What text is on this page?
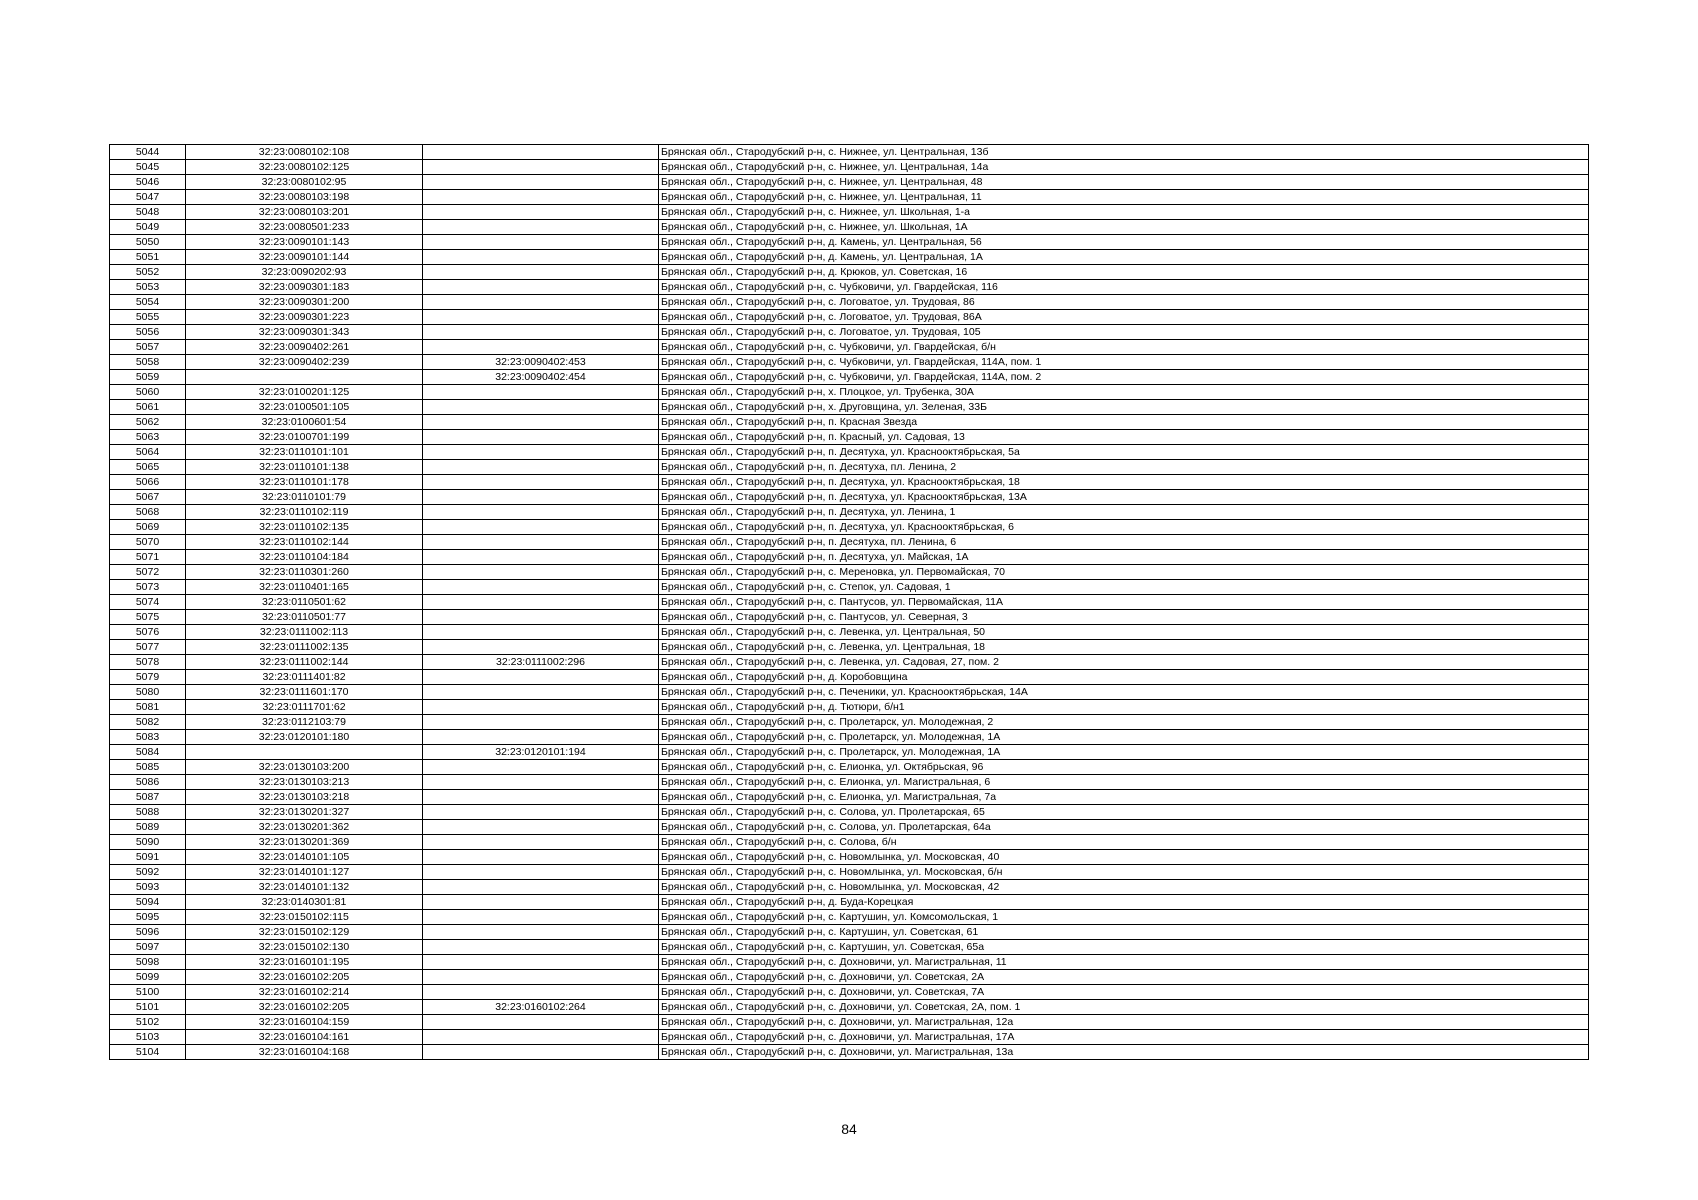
5044	32:23:0080102:108		Брянская обл., Стародубский р-н, с. Нижнее, ул. Центральная, 13б
5045	32:23:0080102:125		Брянская обл., Стародубский р-н, с. Нижнее, ул. Центральная, 14а
5046	32:23:0080102:95		Брянская обл., Стародубский р-н, с. Нижнее, ул. Центральная, 48
5047	32:23:0080103:198		Брянская обл., Стародубский р-н, с. Нижнее, ул. Центральная, 11
5048	32:23:0080103:201		Брянская обл., Стародубский р-н, с. Нижнее, ул. Школьная, 1-а
5049	32:23:0080501:233		Брянская обл., Стародубский р-н, с. Нижнее, ул. Школьная, 1А
5050	32:23:0090101:143		Брянская обл., Стародубский р-н, д. Камень, ул. Центральная, 56
5051	32:23:0090101:144		Брянская обл., Стародубский р-н, д. Камень, ул. Центральная, 1А
5052	32:23:0090202:93		Брянская обл., Стародубский р-н, д. Крюков, ул. Советская, 16
5053	32:23:0090301:183		Брянская обл., Стародубский р-н, с. Чубковичи, ул. Гвардейская, 116
5054	32:23:0090301:200		Брянская обл., Стародубский р-н, с. Логоватое, ул. Трудовая, 86
5055	32:23:0090301:223		Брянская обл., Стародубский р-н, с. Логоватое, ул. Трудовая, 86А
5056	32:23:0090301:343		Брянская обл., Стародубский р-н, с. Логоватое, ул. Трудовая, 105
5057	32:23:0090402:261		Брянская обл., Стародубский р-н, с. Чубковичи, ул. Гвардейская, б/н
5058	32:23:0090402:239	32:23:0090402:453	Брянская обл., Стародубский р-н, с. Чубковичи, ул. Гвардейская, 114А, пом. 1
5059		32:23:0090402:454	Брянская обл., Стародубский р-н, с. Чубковичи, ул. Гвардейская, 114А, пом. 2
5060	32:23:0100201:125		Брянская обл., Стародубский р-н, х. Плоцкое, ул. Трубенка, 30А
5061	32:23:0100501:105		Брянская обл., Стародубский р-н, х. Друговщина, ул. Зеленая, 33Б
5062	32:23:0100601:54		Брянская обл., Стародубский р-н, п. Красная Звезда
5063	32:23:0100701:199		Брянская обл., Стародубский р-н, п. Красный, ул. Садовая, 13
5064	32:23:0110101:101		Брянская обл., Стародубский р-н, п. Десятуха, ул. Краснооктябрьская, 5а
5065	32:23:0110101:138		Брянская обл., Стародубский р-н, п. Десятуха, пл. Ленина, 2
5066	32:23:0110101:178		Брянская обл., Стародубский р-н, п. Десятуха, ул. Краснооктябрьская, 18
5067	32:23:0110101:79		Брянская обл., Стародубский р-н, п. Десятуха, ул. Краснооктябрьская, 13А
5068	32:23:0110102:119		Брянская обл., Стародубский р-н, п. Десятуха, ул. Ленина, 1
5069	32:23:0110102:135		Брянская обл., Стародубский р-н, п. Десятуха, ул. Краснооктябрьская, 6
5070	32:23:0110102:144		Брянская обл., Стародубский р-н, п. Десятуха, пл. Ленина, 6
5071	32:23:0110104:184		Брянская обл., Стародубский р-н, п. Десятуха, ул. Майская, 1А
5072	32:23:0110301:260		Брянская обл., Стародубский р-н, с. Мереновка, ул. Первомайская, 70
5073	32:23:0110401:165		Брянская обл., Стародубский р-н, с. Степок, ул. Садовая, 1
5074	32:23:0110501:62		Брянская обл., Стародубский р-н, с. Пантусов, ул. Первомайская, 11А
5075	32:23:0110501:77		Брянская обл., Стародубский р-н, с. Пантусов, ул. Северная, 3
5076	32:23:0111002:113		Брянская обл., Стародубский р-н, с. Левенка, ул. Центральная, 50
5077	32:23:0111002:135		Брянская обл., Стародубский р-н, с. Левенка, ул. Центральная, 18
5078	32:23:0111002:144	32:23:0111002:296	Брянская обл., Стародубский р-н, с. Левенка, ул. Садовая, 27, пом. 2
5079	32:23:0111401:82		Брянская обл., Стародубский р-н, д. Коробовщина
5080	32:23:0111601:170		Брянская обл., Стародубский р-н, с. Печеники, ул. Краснооктябрьская, 14А
5081	32:23:0111701:62		Брянская обл., Стародубский р-н, д. Тютюри, б/н1
5082	32:23:0112103:79		Брянская обл., Стародубский р-н, с. Пролетарск, ул. Молодежная, 2
5083	32:23:0120101:180		Брянская обл., Стародубский р-н, с. Пролетарск, ул. Молодежная, 1А
5084		32:23:0120101:194	Брянская обл., Стародубский р-н, с. Пролетарск, ул. Молодежная, 1А
5085	32:23:0130103:200		Брянская обл., Стародубский р-н, с. Елионка, ул. Октябрьская, 96
5086	32:23:0130103:213		Брянская обл., Стародубский р-н, с. Елионка, ул. Магистральная, 6
5087	32:23:0130103:218		Брянская обл., Стародубский р-н, с. Елионка, ул. Магистральная, 7а
5088	32:23:0130201:327		Брянская обл., Стародубский р-н, с. Солова, ул. Пролетарская, 65
5089	32:23:0130201:362		Брянская обл., Стародубский р-н, с. Солова, ул. Пролетарская, 64а
5090	32:23:0130201:369		Брянская обл., Стародубский р-н, с. Солова, б/н
5091	32:23:0140101:105		Брянская обл., Стародубский р-н, с. Новомлынка, ул. Московская, 40
5092	32:23:0140101:127		Брянская обл., Стародубский р-н, с. Новомлынка, ул. Московская, б/н
5093	32:23:0140101:132		Брянская обл., Стародубский р-н, с. Новомлынка, ул. Московская, 42
5094	32:23:0140301:81		Брянская обл., Стародубский р-н, д. Буда-Корецкая
5095	32:23:0150102:115		Брянская обл., Стародубский р-н, с. Картушин, ул. Комсомольская, 1
5096	32:23:0150102:129		Брянская обл., Стародубский р-н, с. Картушин, ул. Советская, 61
5097	32:23:0150102:130		Брянская обл., Стародубский р-н, с. Картушин, ул. Советская, 65а
5098	32:23:0160101:195		Брянская обл., Стародубский р-н, с. Дохновичи, ул. Магистральная, 11
5099	32:23:0160102:205		Брянская обл., Стародубский р-н, с. Дохновичи, ул. Советская, 2А
5100	32:23:0160102:214		Брянская обл., Стародубский р-н, с. Дохновичи, ул. Советская, 7А
5101	32:23:0160102:205	32:23:0160102:264	Брянская обл., Стародубский р-н, с. Дохновичи, ул. Советская, 2А, пом. 1
5102	32:23:0160104:159		Брянская обл., Стародубский р-н, с. Дохновичи, ул. Магистральная, 12а
5103	32:23:0160104:161		Брянская обл., Стародубский р-н, с. Дохновичи, ул. Магистральная, 17А
5104	32:23:0160104:168		Брянская обл., Стародубский р-н, с. Дохновичи, ул. Магистральная, 13а
84
